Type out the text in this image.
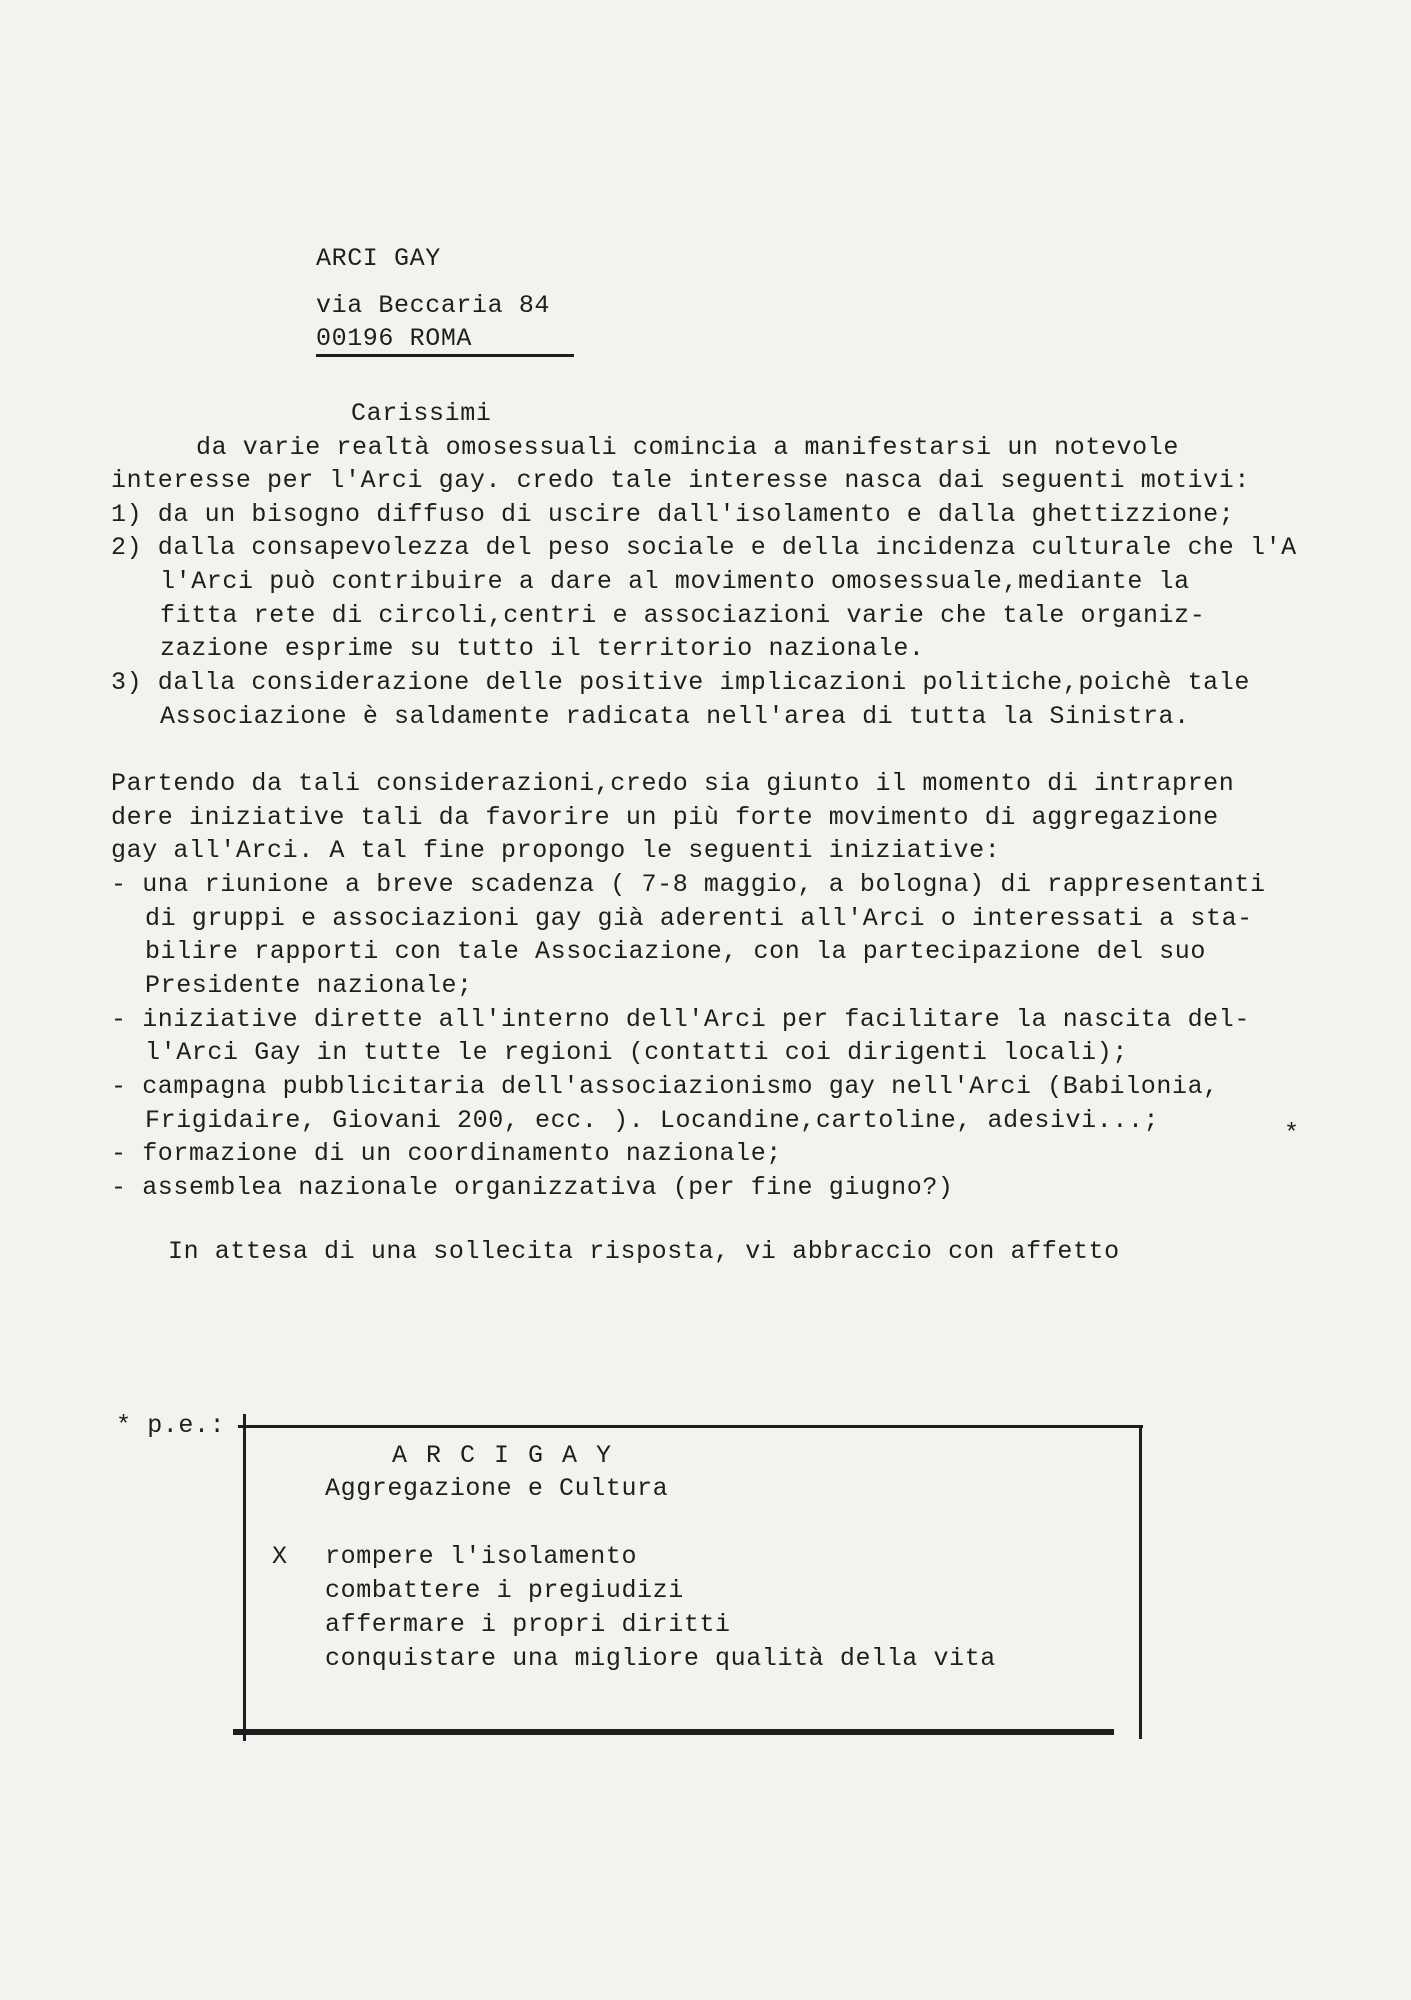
ARCI GAY
via Beccaria 84
00196 ROMA
Carissimi
da varie realtà omosessuali comincia a manifestarsi un notevole
interesse per l'Arci gay. credo tale interesse nasca dai seguenti motivi:
1) da un bisogno diffuso di uscire dall'isolamento e dalla ghettizzione;
2) dalla consapevolezza del peso sociale e della incidenza culturale che l'A
l'Arci può contribuire a dare al movimento omosessuale,mediante la
fitta rete di circoli,centri e associazioni varie che tale organiz-
zazione esprime su tutto il territorio nazionale.
3) dalla considerazione delle positive implicazioni politiche,poichè tale
Associazione è saldamente radicata nell'area di tutta la Sinistra.
Partendo da tali considerazioni,credo sia giunto il momento di intrapren
dere iniziative tali da favorire un più forte movimento di aggregazione
gay all'Arci. A tal fine propongo le seguenti iniziative:
- una riunione a breve scadenza ( 7-8 maggio, a bologna) di rappresentanti
di gruppi e associazioni gay già aderenti all'Arci o interessati a sta-
bilire rapporti con tale Associazione, con la partecipazione del suo
Presidente nazionale;
- iniziative dirette all'interno dell'Arci per facilitare la nascita del-
l'Arci Gay in tutte le regioni (contatti coi dirigenti locali);
- campagna pubblicitaria dell'associazionismo gay nell'Arci (Babilonia,
Frigidaire, Giovani 200, ecc. ). Locandine,cartoline, adesivi...;	*
- formazione di un coordinamento nazionale;
- assemblea nazionale organizzativa (per fine giugno?)
In attesa di una sollecita risposta, vi abbraccio con affetto
* p.e.:
A R C I G A Y
Aggregazione e Cultura
X rompere l'isolamento
combattere i pregiudizi
affermare i propri diritti
conquistare una migliore qualità della vita
